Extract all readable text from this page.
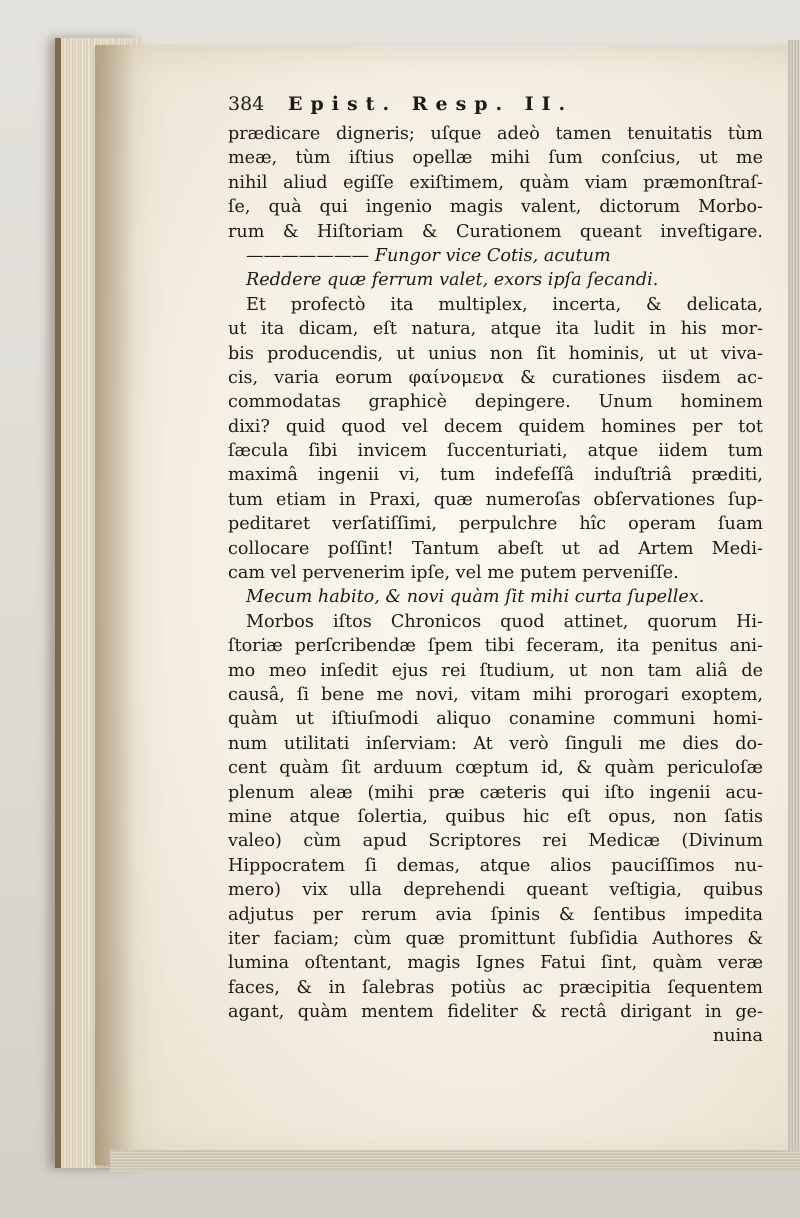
384	Epist. Resp. II.
prædicare digneris; uſque adeò tamen tenuitatis tùm
meæ, tùm iſtius opellæ mihi ſum conſcius, ut me
nihil aliud egiſſe exiſtimem, quàm viam præmonſtraſ-
ſe, quà qui ingenio magis valent, dictorum Morbo-
rum & Hiſtoriam & Curationem queant inveſtigare.
——————— Fungor vice Cotis, acutum
Reddere quæ ferrum valet, exors ipſa ſecandi.
Et profectò ita multiplex, incerta, & delicata,
ut ita dicam, eſt natura, atque ita ludit in his mor-
bis producendis, ut unius non ſit hominis, ut ut viva-
cis, varia eorum φαίνομενα & curationes iisdem ac-
commodatas graphicè depingere. Unum hominem
dixi? quid quod vel decem quidem homines per tot
ſæcula ſibi invicem ſuccenturiati, atque iidem tum
maximâ ingenii vi, tum indefeſſâ induſtriâ præditi,
tum etiam in Praxi, quæ numeroſas obſervationes ſup-
peditaret verſatiſſimi, perpulchre hîc operam ſuam
collocare poſſint! Tantum abeſt ut ad Artem Medi-
cam vel pervenerim ipſe, vel me putem perveniſſe.
Mecum habito, & novi quàm ſit mihi curta ſupellex.
Morbos iſtos Chronicos quod attinet, quorum Hi-
ſtoriæ perſcribendæ ſpem tibi feceram, ita penitus ani-
mo meo inſedit ejus rei ſtudium, ut non tam aliâ de
causâ, ſi bene me novi, vitam mihi prorogari exoptem,
quàm ut iſtiuſmodi aliquo conamine communi homi-
num utilitati inſerviam: At verò ſinguli me dies do-
cent quàm ſit arduum cœptum id, & quàm periculoſæ
plenum aleæ (mihi præ cæteris qui iſto ingenii acu-
mine atque ſolertia, quibus hic eſt opus, non ſatis
valeo) cùm apud Scriptores rei Medicæ (Divinum
Hippocratem ſi demas, atque alios pauciſſimos nu-
mero) vix ulla deprehendi queant veſtigia, quibus
adjutus per rerum avia ſpinis & ſentibus impedita
iter faciam; cùm quæ promittunt ſubſidia Authores &
lumina oſtentant, magis Ignes Fatui ſint, quàm veræ
faces, & in ſalebras potiùs ac præcipitia ſequentem
agant, quàm mentem fideliter & rectâ dirigant in ge-
nuina
